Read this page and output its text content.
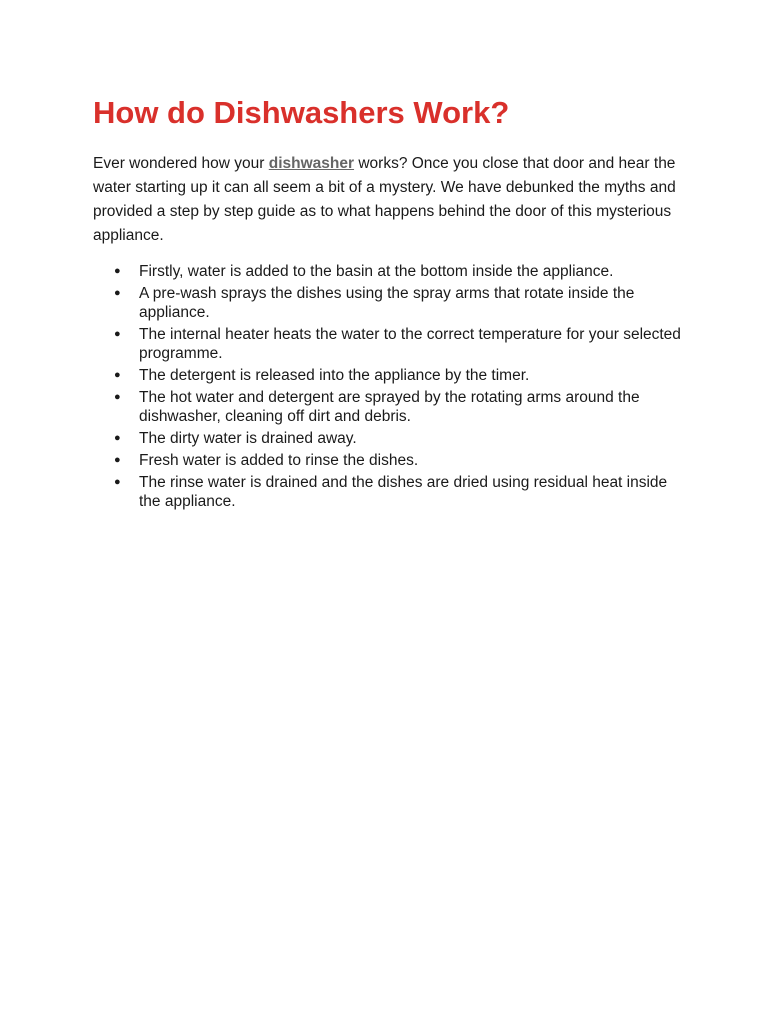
How do Dishwashers Work?

Ever wondered how your dishwasher works? Once you close that door and hear the water starting up it can all seem a bit of a mystery. We have debunked the myths and provided a step by step guide as to what happens behind the door of this mysterious appliance.

● Firstly, water is added to the basin at the bottom inside the appliance.
● A pre-wash sprays the dishes using the spray arms that rotate inside the appliance.
● The internal heater heats the water to the correct temperature for your selected programme.
● The detergent is released into the appliance by the timer.
● The hot water and detergent are sprayed by the rotating arms around the dishwasher, cleaning off dirt and debris.
● The dirty water is drained away.
● Fresh water is added to rinse the dishes.
● The rinse water is drained and the dishes are dried using residual heat inside the appliance.
